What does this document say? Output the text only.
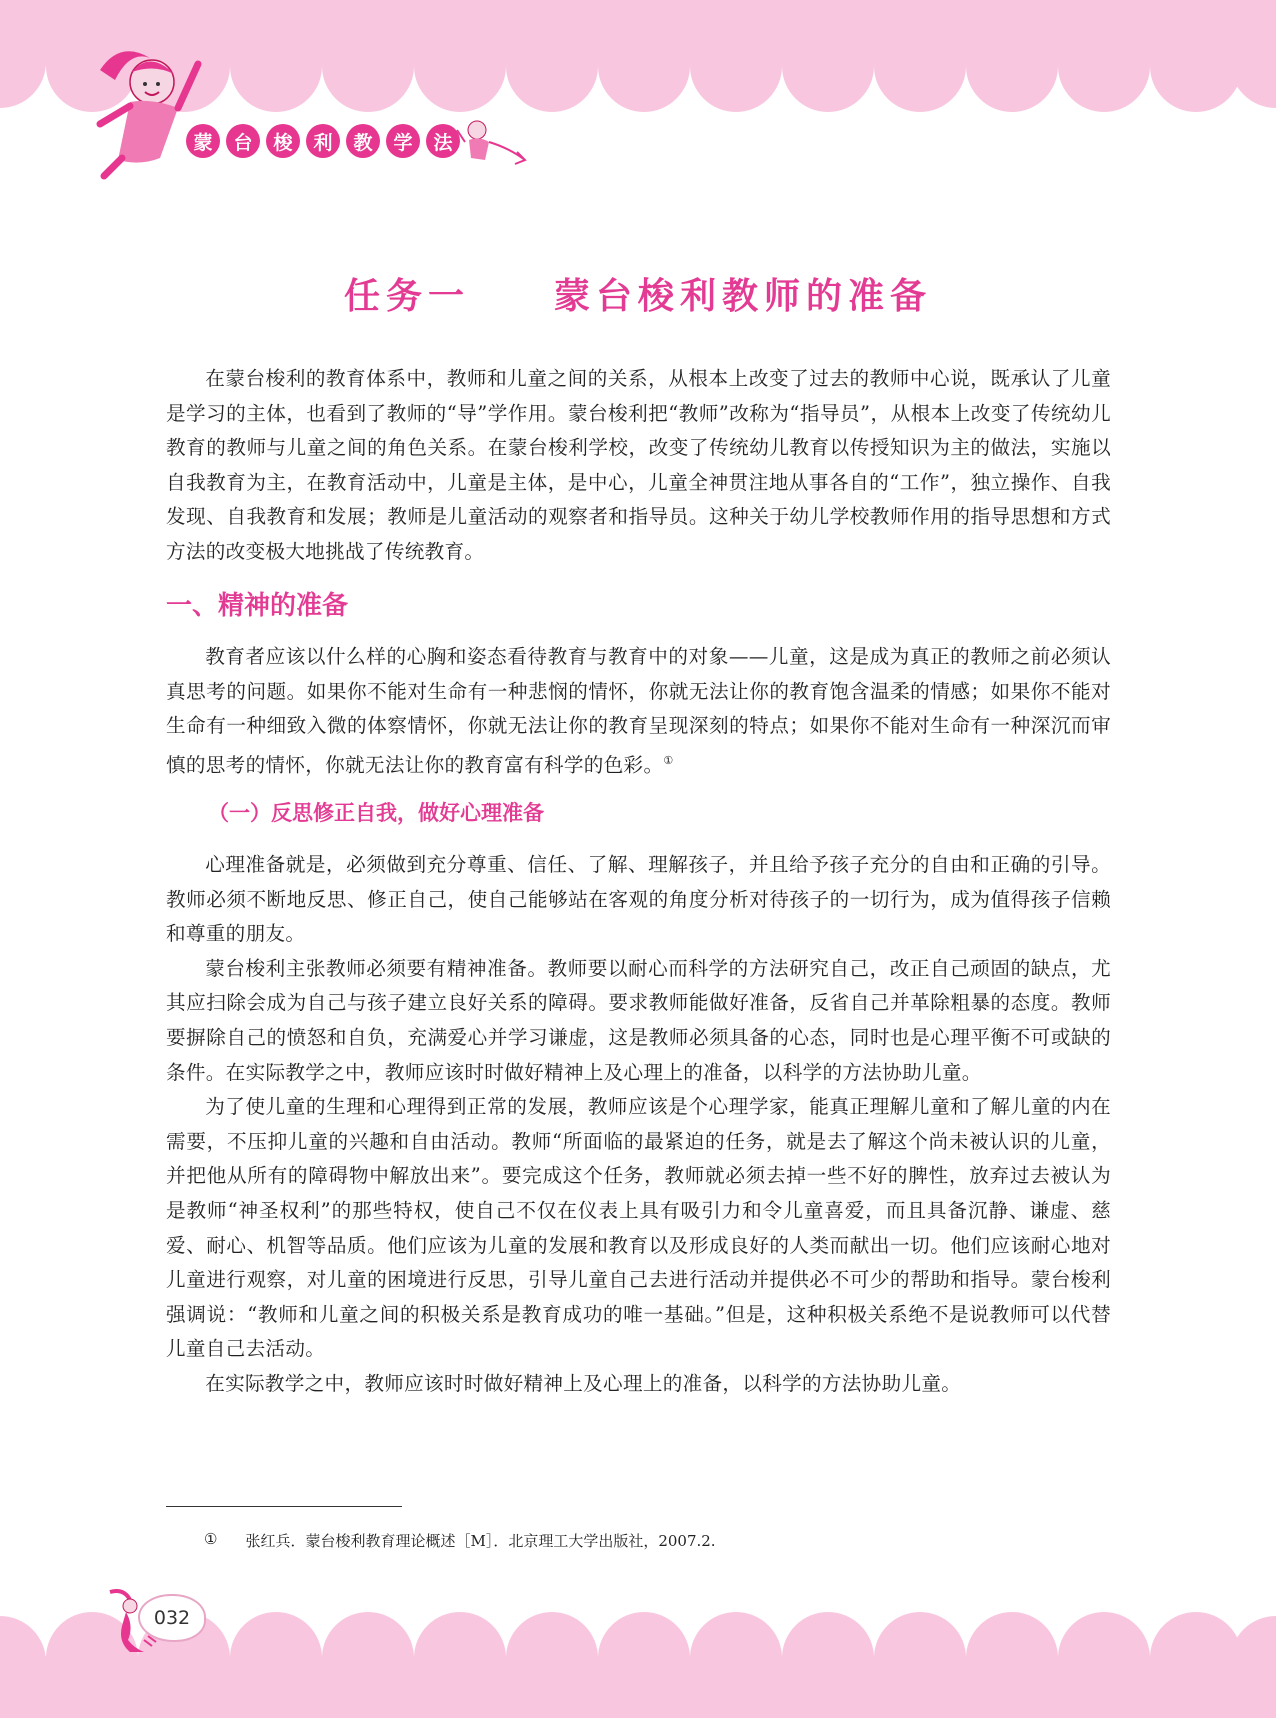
蒙	台	梭	利	教	学	法
任务一　　蒙台梭利教师的准备

在蒙台梭利的教育体系中，教师和儿童之间的关系，从根本上改变了过去的教师中心说，既承认了儿童是学习的主体，也看到了教师的“导”学作用。蒙台梭利把“教师”改称为“指导员”，从根本上改变了传统幼儿教育的教师与儿童之间的角色关系。在蒙台梭利学校，改变了传统幼儿教育以传授知识为主的做法，实施以自我教育为主，在教育活动中，儿童是主体，是中心，儿童全神贯注地从事各自的“工作”，独立操作、自我发现、自我教育和发展；教师是儿童活动的观察者和指导员。这种关于幼儿学校教师作用的指导思想和方式方法的改变极大地挑战了传统教育。

一、精神的准备

教育者应该以什么样的心胸和姿态看待教育与教育中的对象——儿童，这是成为真正的教师之前必须认真思考的问题。如果你不能对生命有一种悲悯的情怀，你就无法让你的教育饱含温柔的情感；如果你不能对生命有一种细致入微的体察情怀，你就无法让你的教育呈现深刻的特点；如果你不能对生命有一种深沉而审慎的思考的情怀，你就无法让你的教育富有科学的色彩。①

（一）反思修正自我，做好心理准备

心理准备就是，必须做到充分尊重、信任、了解、理解孩子，并且给予孩子充分的自由和正确的引导。教师必须不断地反思、修正自己，使自己能够站在客观的角度分析对待孩子的一切行为，成为值得孩子信赖和尊重的朋友。

蒙台梭利主张教师必须要有精神准备。教师要以耐心而科学的方法研究自己，改正自己顽固的缺点，尤其应扫除会成为自己与孩子建立良好关系的障碍。要求教师能做好准备，反省自己并革除粗暴的态度。教师要摒除自己的愤怒和自负，充满爱心并学习谦虚，这是教师必须具备的心态，同时也是心理平衡不可或缺的条件。在实际教学之中，教师应该时时做好精神上及心理上的准备，以科学的方法协助儿童。

为了使儿童的生理和心理得到正常的发展，教师应该是个心理学家，能真正理解儿童和了解儿童的内在需要，不压抑儿童的兴趣和自由活动。教师“所面临的最紧迫的任务，就是去了解这个尚未被认识的儿童，并把他从所有的障碍物中解放出来”。要完成这个任务，教师就必须去掉一些不好的脾性，放弃过去被认为是教师“神圣权利”的那些特权，使自己不仅在仪表上具有吸引力和令儿童喜爱，而且具备沉静、谦虚、慈爱、耐心、机智等品质。他们应该为儿童的发展和教育以及形成良好的人类而献出一切。他们应该耐心地对儿童进行观察，对儿童的困境进行反思，引导儿童自己去进行活动并提供必不可少的帮助和指导。蒙台梭利强调说：“教师和儿童之间的积极关系是教育成功的唯一基础。”但是，这种积极关系绝不是说教师可以代替儿童自己去活动。

在实际教学之中，教师应该时时做好精神上及心理上的准备，以科学的方法协助儿童。

① 张红兵．蒙台梭利教育理论概述［M］．北京理工大学出版社，2007.2.
032
